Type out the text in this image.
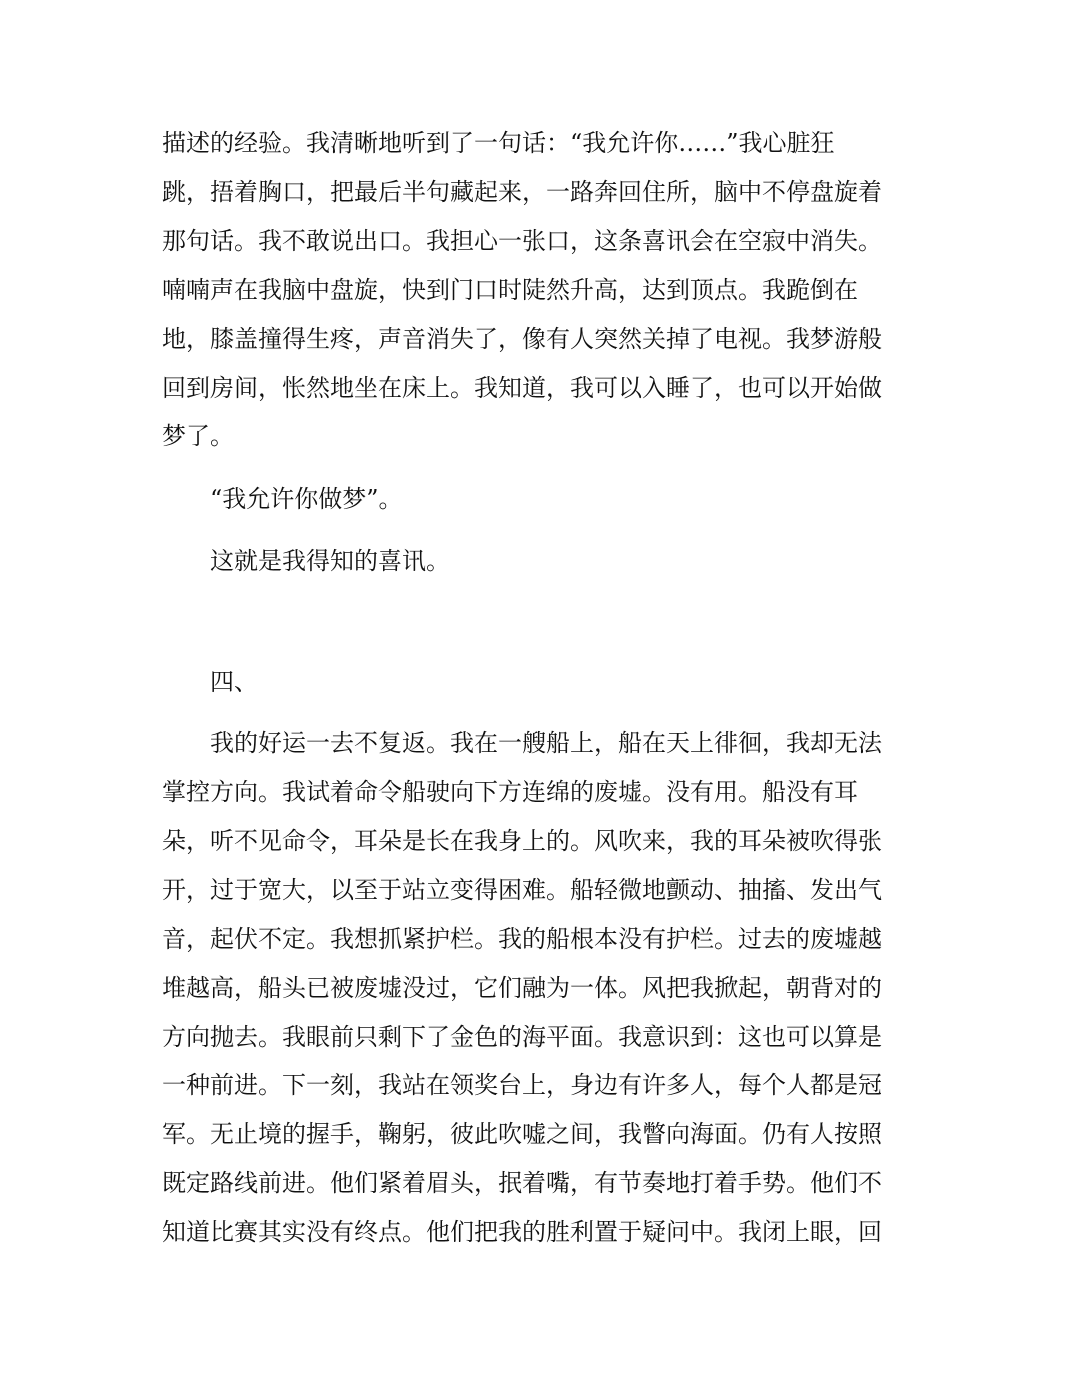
描述的经验。我清晰地听到了一句话：“我允许你……”我心脏狂
跳，捂着胸口，把最后半句藏起来，一路奔回住所，脑中不停盘旋着
那句话。我不敢说出口。我担心一张口，这条喜讯会在空寂中消失。
喃喃声在我脑中盘旋，快到门口时陡然升高，达到顶点。我跪倒在
地，膝盖撞得生疼，声音消失了，像有人突然关掉了电视。我梦游般
回到房间，怅然地坐在床上。我知道，我可以入睡了，也可以开始做
梦了。
“我允许你做梦”。
这就是我得知的喜讯。
四、
我的好运一去不复返。我在一艘船上，船在天上徘徊，我却无法
掌控方向。我试着命令船驶向下方连绵的废墟。没有用。船没有耳
朵，听不见命令，耳朵是长在我身上的。风吹来，我的耳朵被吹得张
开，过于宽大，以至于站立变得困难。船轻微地颤动、抽搐、发出气
音，起伏不定。我想抓紧护栏。我的船根本没有护栏。过去的废墟越
堆越高，船头已被废墟没过，它们融为一体。风把我掀起，朝背对的
方向抛去。我眼前只剩下了金色的海平面。我意识到：这也可以算是
一种前进。下一刻，我站在领奖台上，身边有许多人，每个人都是冠
军。无止境的握手，鞠躬，彼此吹嘘之间，我瞥向海面。仍有人按照
既定路线前进。他们紧着眉头，抿着嘴，有节奏地打着手势。他们不
知道比赛其实没有终点。他们把我的胜利置于疑问中。我闭上眼，回
